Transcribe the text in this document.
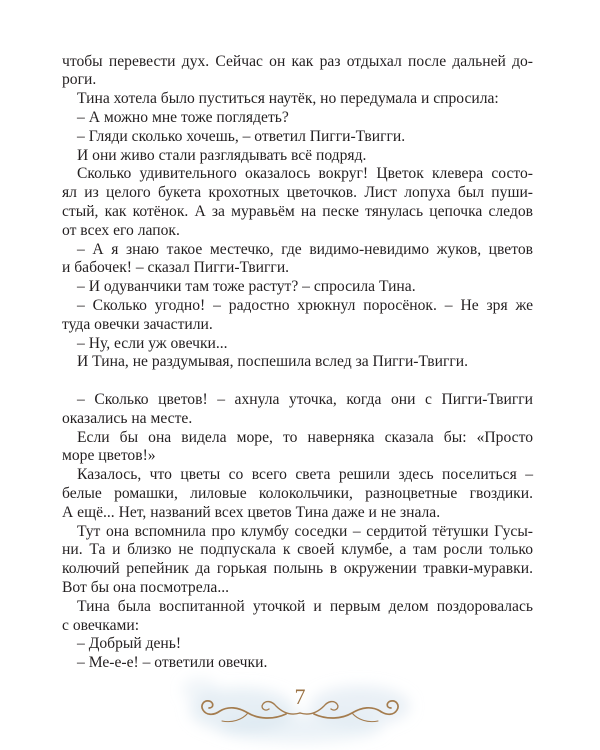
чтобы перевести дух. Сейчас он как раз отдыхал после дальней до-
роги.
Тина хотела было пуститься наутёк, но передумала и спросила:
– А можно мне тоже поглядеть?
– Гляди сколько хочешь, – ответил Пигги-Твигги.
И они живо стали разглядывать всё подряд.
Сколько удивительного оказалось вокруг! Цветок клевера состо-
ял из целого букета крохотных цветочков. Лист лопуха был пуши-
стый, как котёнок. А за муравьём на песке тянулась цепочка следов
от всех его лапок.
– А я знаю такое местечко, где видимо-невидимо жуков, цветов
и бабочек! – сказал Пигги-Твигги.
– И одуванчики там тоже растут? – спросила Тина.
– Сколько угодно! – радостно хрюкнул поросёнок. – Не зря же
туда овечки зачастили.
– Ну, если уж овечки...
И Тина, не раздумывая, поспешила вслед за Пигги-Твигги.
– Сколько цветов! – ахнула уточка, когда они с Пигги-Твигги
оказались на месте.
Если бы она видела море, то наверняка сказала бы: «Просто
море цветов!»
Казалось, что цветы со всего света решили здесь поселиться –
белые ромашки, лиловые колокольчики, разноцветные гвоздики.
А ещё... Нет, названий всех цветов Тина даже и не знала.
Тут она вспомнила про клумбу соседки – сердитой тётушки Гусы-
ни. Та и близко не подпускала к своей клумбе, а там росли только
колючий репейник да горькая полынь в окружении травки-муравки.
Вот бы она посмотрела...
Тина была воспитанной уточкой и первым делом поздоровалась
с овечками:
– Добрый день!
– Ме-е-е! – ответили овечки.
7
